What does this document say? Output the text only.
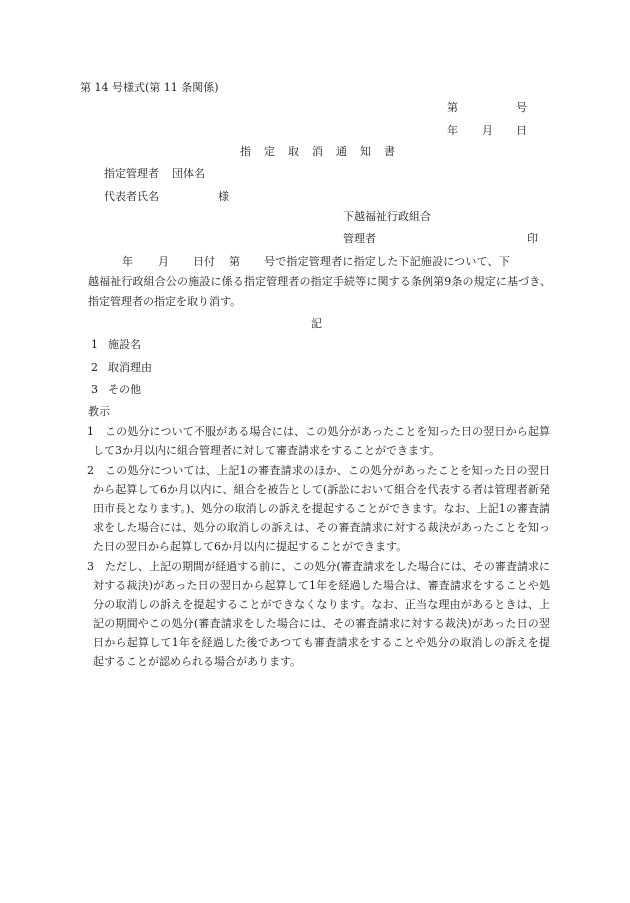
第 14 号様式(第 11 条関係)
第	号
年 月 日
指 定 取 消 通 知 書
指定管理者 団体名
代表者氏名	様
下越福祉行政組合
管理者	印
年 月 日付 第 号で指定管理者に指定した下記施設について、下
越福祉行政組合公の施設に係る指定管理者の指定手続等に関する条例第9条の規定に基づき、指定管理者の指定を取り消す。
記
1 施設名
2 取消理由
3 その他
教示
1	この処分について不服がある場合には、この処分があったことを知った日の翌日から起算して3か月以内に組合管理者に対して審査請求をすることができます。
2	この処分については、上記1の審査請求のほか、この処分があったことを知った日の翌日から起算して6か月以内に、組合を被告として(訴訟において組合を代表する者は管理者新発田市長となります。)、処分の取消しの訴えを提起することができます。なお、上記1の審査請求をした場合には、処分の取消しの訴えは、その審査請求に対する裁決があったことを知った日の翌日から起算して6か月以内に提起することができます。
3	ただし、上記の期間が経過する前に、この処分(審査請求をした場合には、その審査請求に対する裁決)があった日の翌日から起算して1年を経過した場合は、審査請求をすることや処分の取消しの訴えを提起することができなくなります。なお、正当な理由があるときは、上記の期間やこの処分(審査請求をした場合には、その審査請求に対する裁決)があった日の翌日から起算して1年を経過した後であつても審査請求をすることや処分の取消しの訴えを提起することが認められる場合があります。
